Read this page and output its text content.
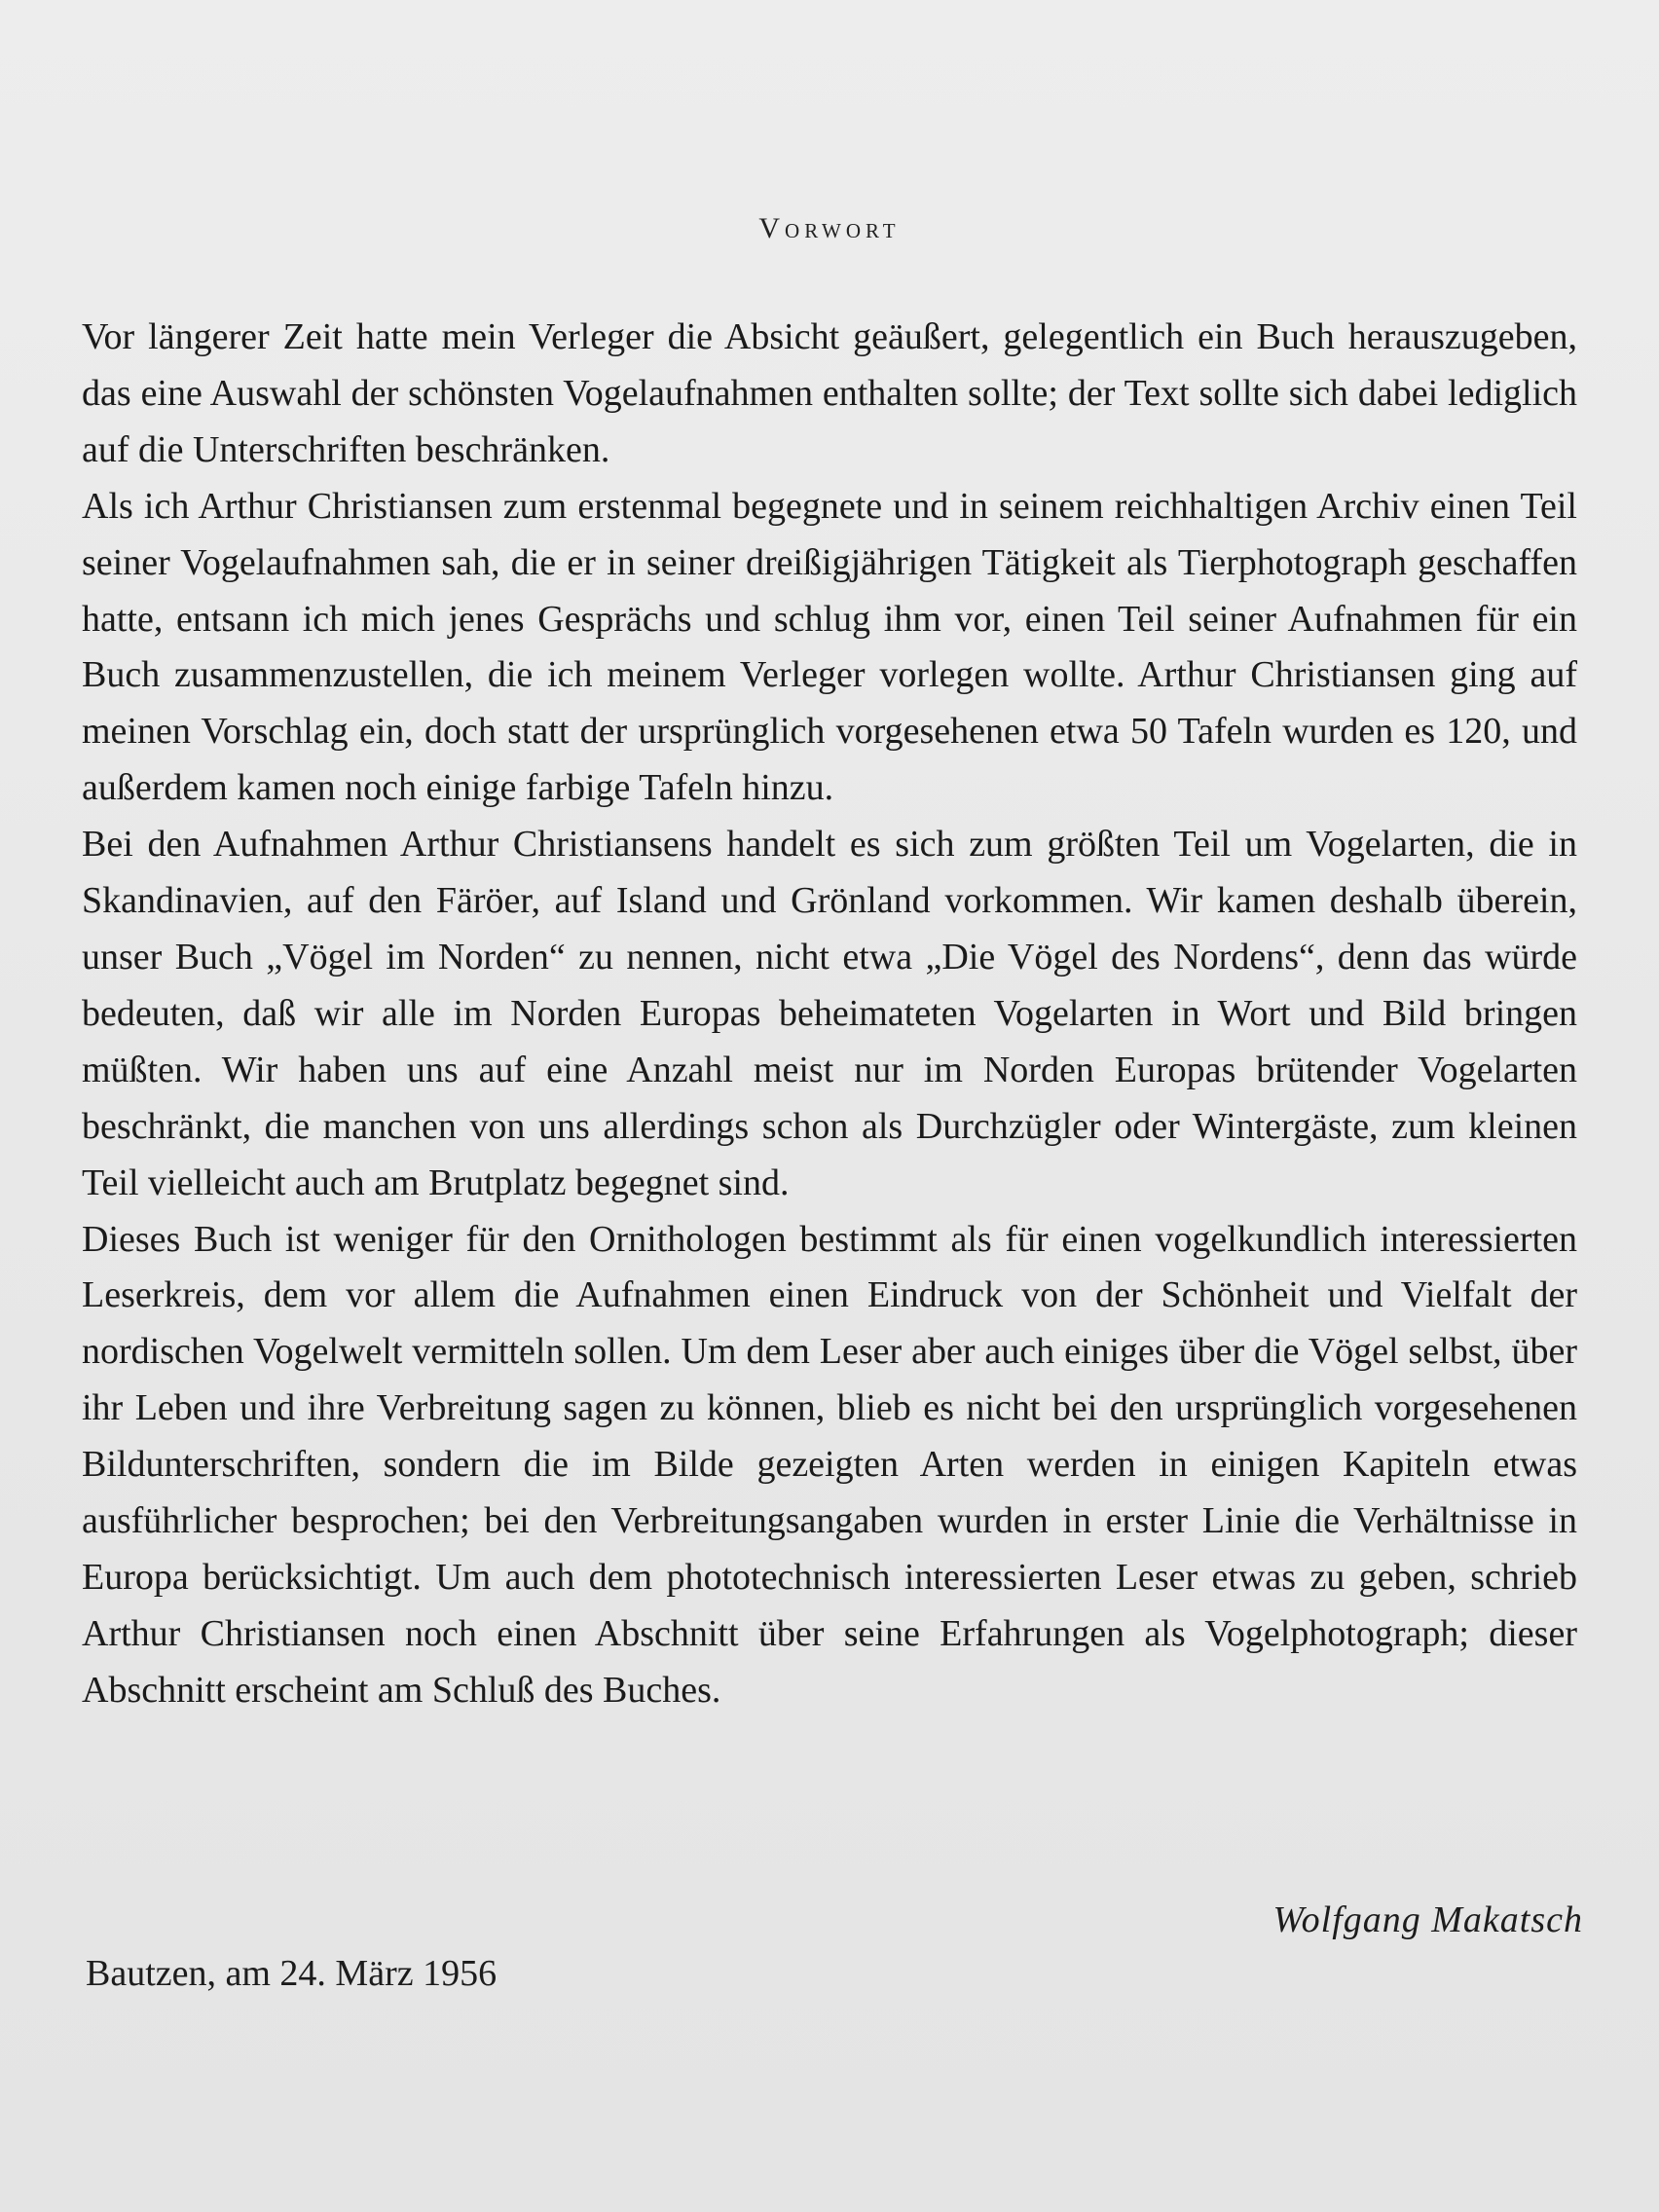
Vorwort

Vor längerer Zeit hatte mein Verleger die Absicht geäußert, gelegentlich ein Buch herauszugeben, das eine Auswahl der schönsten Vogelaufnahmen enthalten sollte; der Text sollte sich dabei lediglich auf die Unterschriften beschränken.

Als ich Arthur Christiansen zum erstenmal begegnete und in seinem reichhaltigen Archiv einen Teil seiner Vogelaufnahmen sah, die er in seiner dreißigjährigen Tätigkeit als Tierphotograph geschaffen hatte, entsann ich mich jenes Gesprächs und schlug ihm vor, einen Teil seiner Aufnahmen für ein Buch zusammenzustellen, die ich meinem Verleger vorlegen wollte. Arthur Christiansen ging auf meinen Vorschlag ein, doch statt der ursprünglich vorgesehenen etwa 50 Tafeln wurden es 120, und außerdem kamen noch einige farbige Tafeln hinzu.

Bei den Aufnahmen Arthur Christiansens handelt es sich zum größten Teil um Vogelarten, die in Skandinavien, auf den Färöer, auf Island und Grönland vorkommen. Wir kamen deshalb überein, unser Buch „Vögel im Norden“ zu nennen, nicht etwa „Die Vögel des Nordens“, denn das würde bedeuten, daß wir alle im Norden Europas beheimateten Vogelarten in Wort und Bild bringen müßten. Wir haben uns auf eine Anzahl meist nur im Norden Europas brütender Vogelarten beschränkt, die manchen von uns allerdings schon als Durchzügler oder Wintergäste, zum kleinen Teil vielleicht auch am Brutplatz begegnet sind.

Dieses Buch ist weniger für den Ornithologen bestimmt als für einen vogelkundlich interessierten Leserkreis, dem vor allem die Aufnahmen einen Eindruck von der Schönheit und Vielfalt der nordischen Vogelwelt vermitteln sollen. Um dem Leser aber auch einiges über die Vögel selbst, über ihr Leben und ihre Verbreitung sagen zu können, blieb es nicht bei den ursprünglich vorgesehenen Bildunterschriften, sondern die im Bilde gezeigten Arten werden in einigen Kapiteln etwas ausführlicher besprochen; bei den Verbreitungsangaben wurden in erster Linie die Verhältnisse in Europa berücksichtigt. Um auch dem phototechnisch interessierten Leser etwas zu geben, schrieb Arthur Christiansen noch einen Abschnitt über seine Erfahrungen als Vogelphotograph; dieser Abschnitt erscheint am Schluß des Buches.

Wolfgang Makatsch
Bautzen, am 24. März 1956
